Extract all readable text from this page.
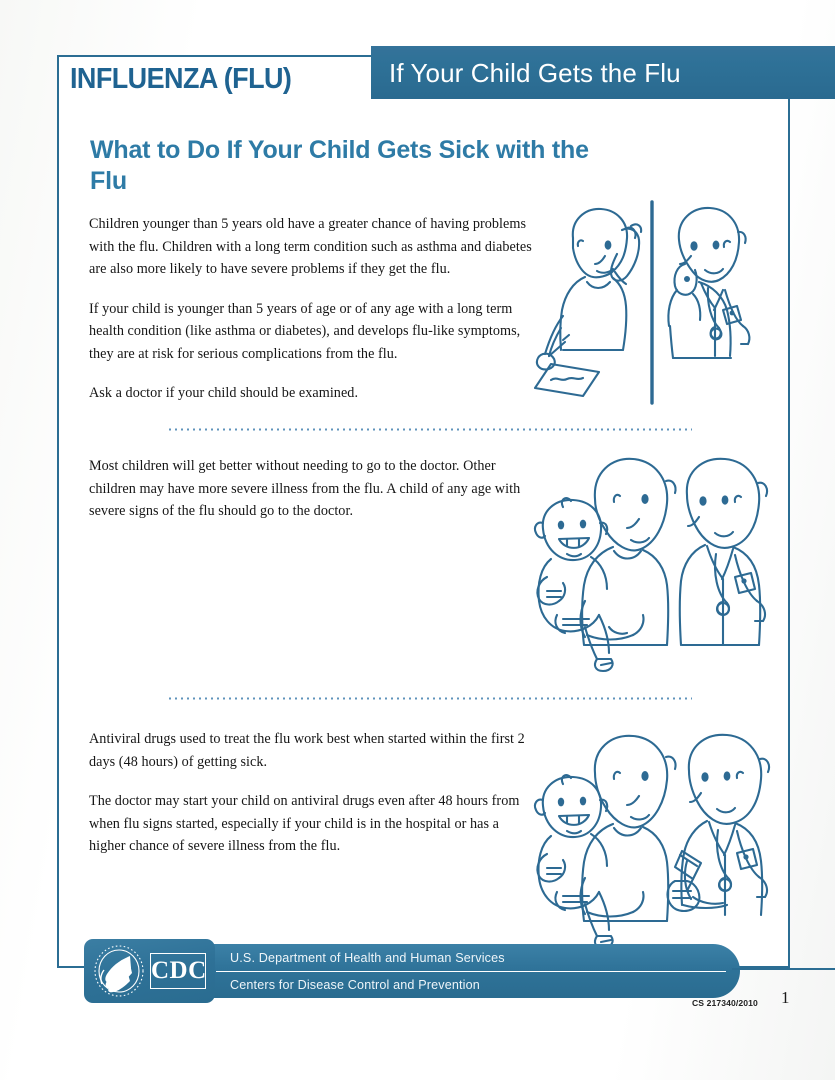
If Your Child Gets the Flu
INFLUENZA (FLU)
What to Do If Your Child Gets Sick with the Flu

Children younger than 5 years old have a greater chance of having problems with the flu. Children with a long term condition such as asthma and diabetes are also more likely to have severe problems if they get the flu.

If your child is younger than 5 years of age or of any age with a long term health condition (like asthma or diabetes), and develops flu-like symptoms, they are at risk for serious complications from the flu.

Ask a doctor if your child should be examined.

Most children will get better without needing to go to the doctor. Other children may have more severe illness from the flu. A child of any age with severe signs of the flu should go to the doctor.

Antiviral drugs used to treat the flu work best when started within the first 2 days (48 hours) of getting sick.

The doctor may start your child on antiviral drugs even after 48 hours from when flu signs started, especially if your child is in the hospital or has a higher chance of severe illness from the flu.

U.S. Department of Health and Human Services
Centers for Disease Control and Prevention
CDC
CS 217340/2010 1
